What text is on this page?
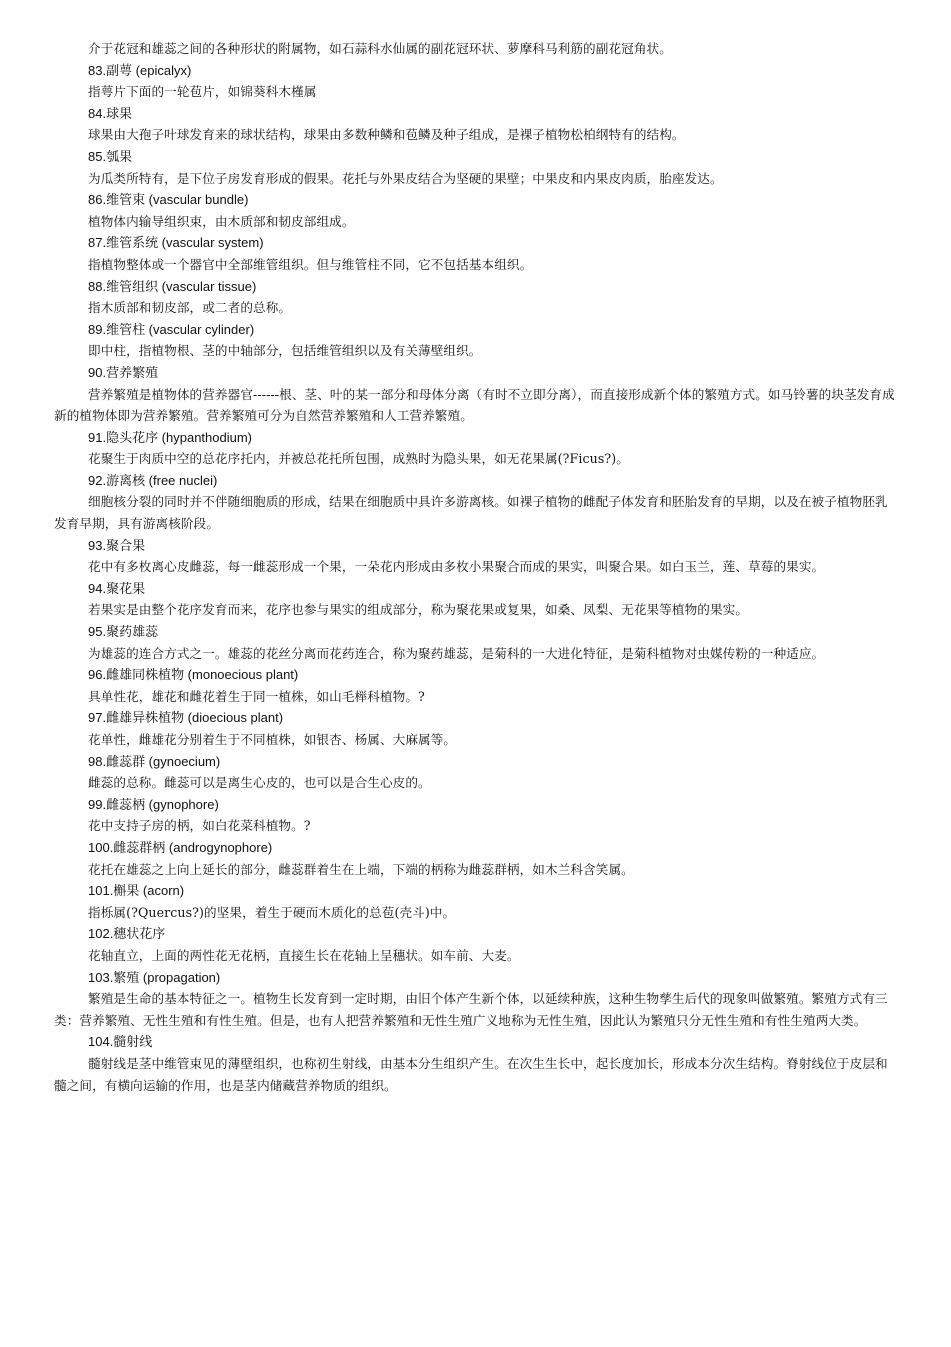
介于花冠和雄蕊之间的各种形状的附属物，如石蒜科水仙属的副花冠环状、萝摩科马利筋的副花冠角状。

83.副萼 (epicalyx)

指萼片下面的一轮苞片，如锦葵科木槿属

84.球果

球果由大孢子叶球发育来的球状结构，球果由多数种鳞和苞鳞及种子组成，是裸子植物松柏纲特有的结构。

85.瓠果

为瓜类所特有，是下位子房发育形成的假果。花托与外果皮结合为坚硬的果壁；中果皮和内果皮肉质，胎座发达。

86.维管束 (vascular bundle)

植物体内输导组织束，由木质部和韧皮部组成。

87.维管系统 (vascular system)

指植物整体或一个器官中全部维管组织。但与维管柱不同，它不包括基本组织。

88.维管组织 (vascular tissue)

指木质部和韧皮部，或二者的总称。

89.维管柱 (vascular cylinder)

即中柱，指植物根、茎的中轴部分，包括维管组织以及有关薄壁组织。

90.营养繁殖

营养繁殖是植物体的营养器官------根、茎、叶的某一部分和母体分离（有时不立即分离），而直接形成新个体的繁殖方式。如马铃薯的块茎发育成新的植物体即为营养繁殖。营养繁殖可分为自然营养繁殖和人工营养繁殖。

91.隐头花序 (hypanthodium)

花聚生于肉质中空的总花序托内，并被总花托所包围，成熟时为隐头果，如无花果属(?Ficus?)。

92.游离核 (free nuclei)

细胞核分裂的同时并不伴随细胞质的形成，结果在细胞质中具许多游离核。如裸子植物的雌配子体发育和胚胎发育的早期，以及在被子植物胚乳发育早期，具有游离核阶段。

93.聚合果

花中有多枚离心皮雌蕊，每一雌蕊形成一个果，一朵花内形成由多枚小果聚合而成的果实，叫聚合果。如白玉兰，莲、草莓的果实。

94.聚花果

若果实是由整个花序发育而来，花序也参与果实的组成部分，称为聚花果或复果，如桑、凤梨、无花果等植物的果实。

95.聚药雄蕊

为雄蕊的连合方式之一。雄蕊的花丝分离而花药连合，称为聚药雄蕊，是菊科的一大进化特征，是菊科植物对虫媒传粉的一种适应。

96.雌雄同株植物 (monoecious plant)

具单性花，雄花和雌花着生于同一植株，如山毛榉科植物。?

97.雌雄异株植物 (dioecious plant)

花单性，雌雄花分别着生于不同植株，如银杏、杨属、大麻属等。

98.雌蕊群 (gynoecium)

雌蕊的总称。雌蕊可以是离生心皮的，也可以是合生心皮的。

99.雌蕊柄 (gynophore)

花中支持子房的柄，如白花菜科植物。?

100.雌蕊群柄 (androgynophore)

花托在雄蕊之上向上延长的部分，雌蕊群着生在上端，下端的柄称为雌蕊群柄，如木兰科含笑属。

101.槲果 (acorn)

指栎属(?Quercus?)的坚果，着生于硬而木质化的总苞(壳斗)中。

102.穗状花序

花轴直立，上面的两性花无花柄，直接生长在花轴上呈穗状。如车前、大麦。

103.繁殖 (propagation)

繁殖是生命的基本特征之一。植物生长发育到一定时期，由旧个体产生新个体，以延续种族，这种生物孳生后代的现象叫做繁殖。繁殖方式有三类：营养繁殖、无性生殖和有性生殖。但是，也有人把营养繁殖和无性生殖广义地称为无性生殖，因此认为繁殖只分无性生殖和有性生殖两大类。

104.髓射线

髓射线是茎中维管束见的薄壁组织，也称初生射线，由基本分生组织产生。在次生生长中，起长度加长，形成本分次生结构。脊射线位于皮层和髓之间，有横向运输的作用，也是茎内储藏营养物质的组织。
